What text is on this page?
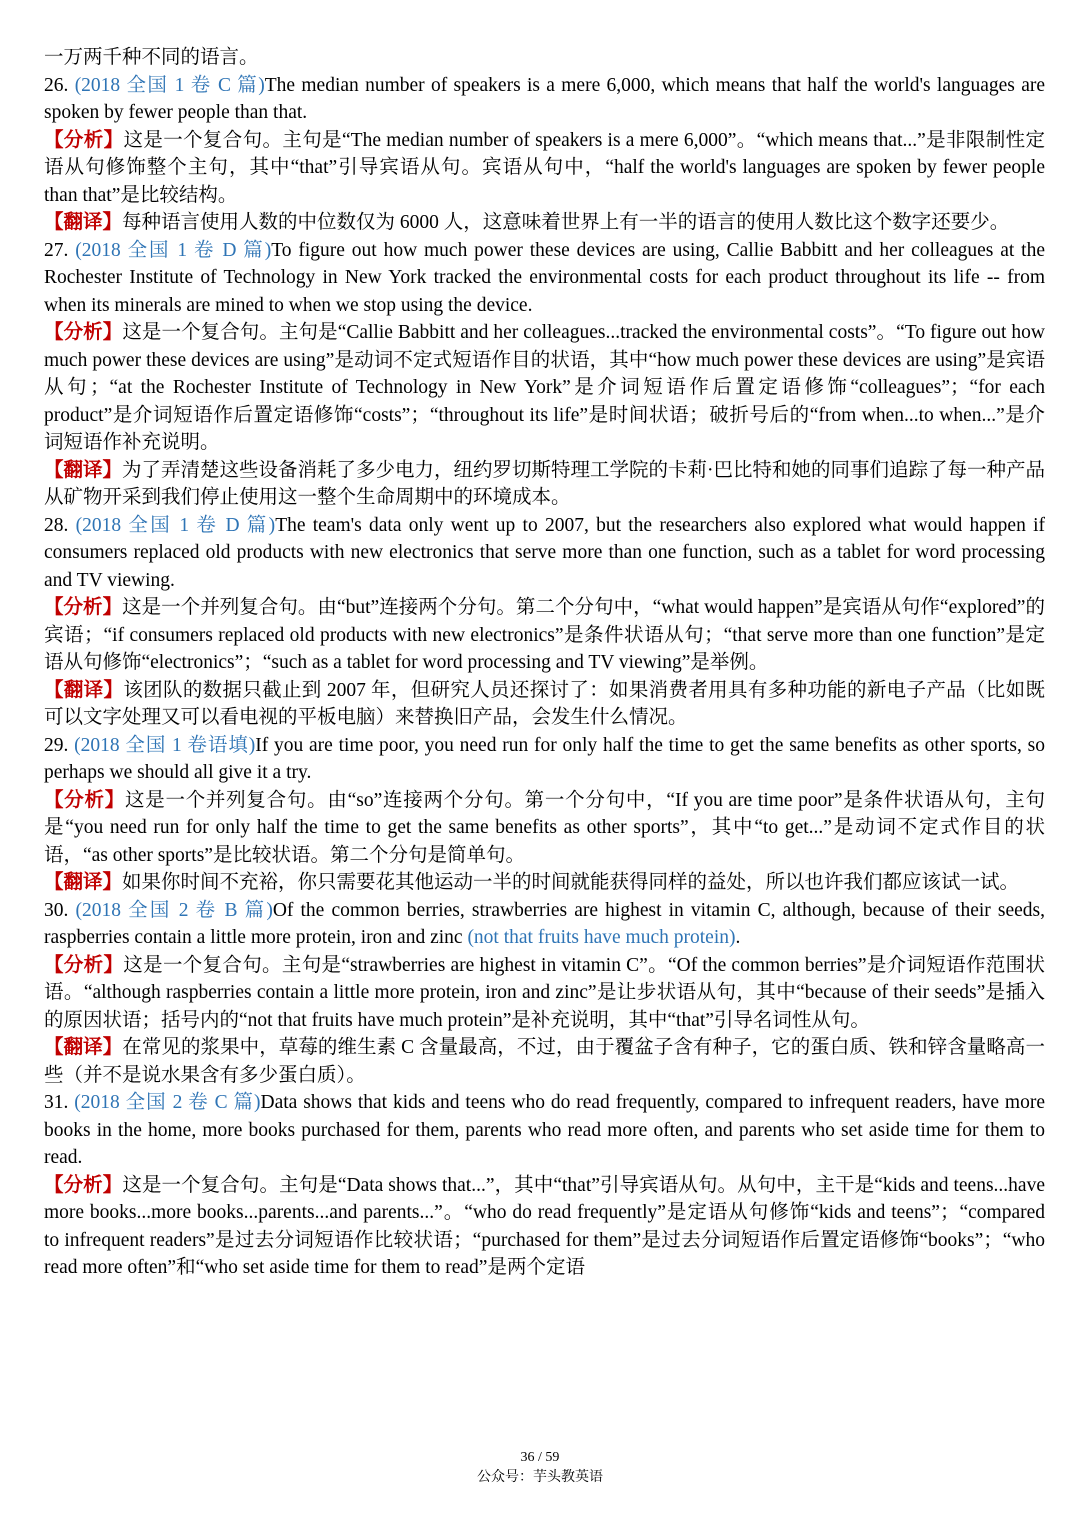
一万两千种不同的语言。

26. (2018 全国 1 卷 C 篇)The median number of speakers is a mere 6,000, which means that half the world's languages are spoken by fewer people than that.

【分析】这是一个复合句。主句是“The median number of speakers is a mere 6,000”。“which means that...”是非限制性定语从句修饰整个主句，其中“that”引导宾语从句。宾语从句中，“half the world's languages are spoken by fewer people than that”是比较结构。

【翻译】每种语言使用人数的中位数仅为 6000 人，这意味着世界上有一半的语言的使用人数比这个数字还要少。

27. (2018 全国 1 卷 D 篇)To figure out how much power these devices are using, Callie Babbitt and her colleagues at the Rochester Institute of Technology in New York tracked the environmental costs for each product throughout its life -- from when its minerals are mined to when we stop using the device.

【分析】这是一个复合句。主句是“Callie Babbitt and her colleagues...tracked the environmental costs”。“To figure out how much power these devices are using”是动词不定式短语作目的状语，其中“how much power these devices are using”是宾语从句；“at the Rochester Institute of Technology in New York”是介词短语作后置定语修饰“colleagues”；“for each product”是介词短语作后置定语修饰“costs”；“throughout its life”是时间状语；破折号后的“from when...to when...”是介词短语作补充说明。

【翻译】为了弄清楚这些设备消耗了多少电力，纽约罗切斯特理工学院的卡莉·巴比特和她的同事们追踪了每一种产品从矿物开采到我们停止使用这一整个生命周期中的环境成本。

28. (2018 全国 1 卷 D 篇)The team's data only went up to 2007, but the researchers also explored what would happen if consumers replaced old products with new electronics that serve more than one function, such as a tablet for word processing and TV viewing.

【分析】这是一个并列复合句。由“but”连接两个分句。第二个分句中，“what would happen”是宾语从句作“explored”的宾语；“if consumers replaced old products with new electronics”是条件状语从句；“that serve more than one function”是定语从句修饰“electronics”；“such as a tablet for word processing and TV viewing”是举例。

【翻译】该团队的数据只截止到 2007 年，但研究人员还探讨了：如果消费者用具有多种功能的新电子产品（比如既可以文字处理又可以看电视的平板电脑）来替换旧产品，会发生什么情况。

29. (2018 全国 1 卷语填)If you are time poor, you need run for only half the time to get the same benefits as other sports, so perhaps we should all give it a try.

【分析】这是一个并列复合句。由“so”连接两个分句。第一个分句中，“If you are time poor”是条件状语从句，主句是“you need run for only half the time to get the same benefits as other sports”，其中“to get...”是动词不定式作目的状语，“as other sports”是比较状语。第二个分句是简单句。

【翻译】如果你时间不充裕，你只需要花其他运动一半的时间就能获得同样的益处，所以也许我们都应该试一试。

30. (2018 全国 2 卷 B 篇)Of the common berries, strawberries are highest in vitamin C, although, because of their seeds, raspberries contain a little more protein, iron and zinc (not that fruits have much protein).

【分析】这是一个复合句。主句是“strawberries are highest in vitamin C”。“Of the common berries”是介词短语作范围状语。“although raspberries contain a little more protein, iron and zinc”是让步状语从句，其中“because of their seeds”是插入的原因状语；括号内的“not that fruits have much protein”是补充说明，其中“that”引导名词性从句。

【翻译】在常见的浆果中，草莓的维生素 C 含量最高，不过，由于覆盆子含有种子，它的蛋白质、铁和锌含量略高一些（并不是说水果含有多少蛋白质）。

31. (2018 全国 2 卷 C 篇)Data shows that kids and teens who do read frequently, compared to infrequent readers, have more books in the home, more books purchased for them, parents who read more often, and parents who set aside time for them to read.

【分析】这是一个复合句。主句是“Data shows that...”，其中“that”引导宾语从句。从句中，主干是“kids and teens...have more books...more books...parents...and parents...”。“who do read frequently”是定语从句修饰“kids and teens”；“compared to infrequent readers”是过去分词短语作比较状语；“purchased for them”是过去分词短语作后置定语修饰“books”；“who read more often”和“who set aside time for them to read”是两个定语

36 / 59
公众号：芋头教英语
